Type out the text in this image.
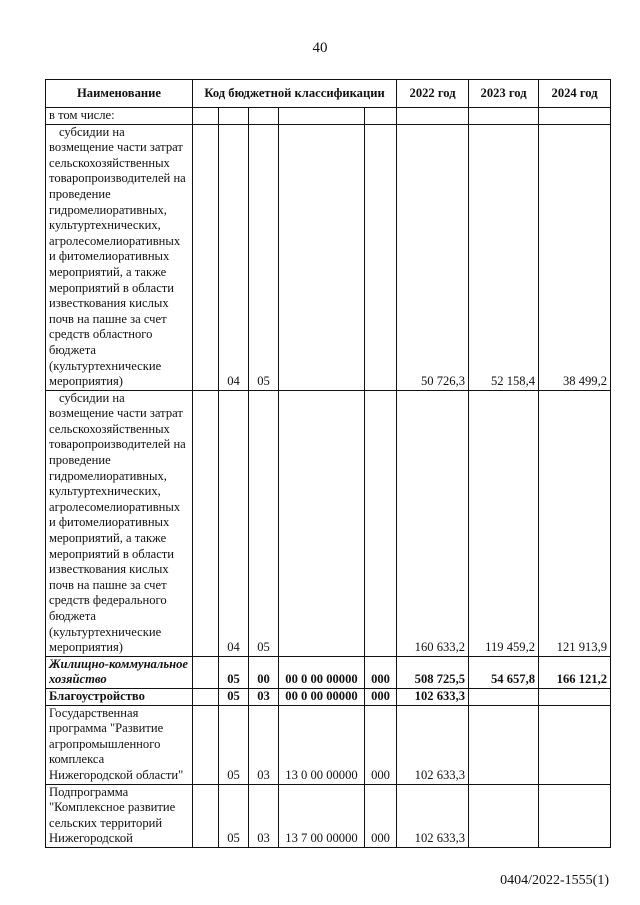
40
Наименование	Код бюджетной классификации					2022 год	2023 год	2024 год

в том числе:								

субсидии на возмещение части затрат сельскохозяйственных товаропроизводителей на проведение гидромелиоративных, культуртехнических, агролесомелиоративных и фитомелиоративных мероприятий, а также мероприятий в области известкования кислых почв на пашне за счет средств областного бюджета (культуртехнические мероприятия)		04	05			50 726,3	52 158,4	38 499,2

субсидии на возмещение части затрат сельскохозяйственных товаропроизводителей на проведение гидромелиоративных, культуртехнических, агролесомелиоративных и фитомелиоративных мероприятий, а также мероприятий в области известкования кислых почв на пашне за счет средств федерального бюджета (культуртехнические мероприятия)		04	05			160 633,2	119 459,2	121 913,9

Жилищно-коммунальное хозяйство		05	00	00 0 00 00000	000	508 725,5	54 657,8	166 121,2

Благоустройство		05	03	00 0 00 00000	000	102 633,3		

Государственная программа "Развитие агропромышленного комплекса Нижегородской области"		05	03	13 0 00 00000	000	102 633,3		

Подпрограмма "Комплексное развитие сельских территорий Нижегородской		05	03	13 7 00 00000	000	102 633,3		
0404/2022-1555(1)
